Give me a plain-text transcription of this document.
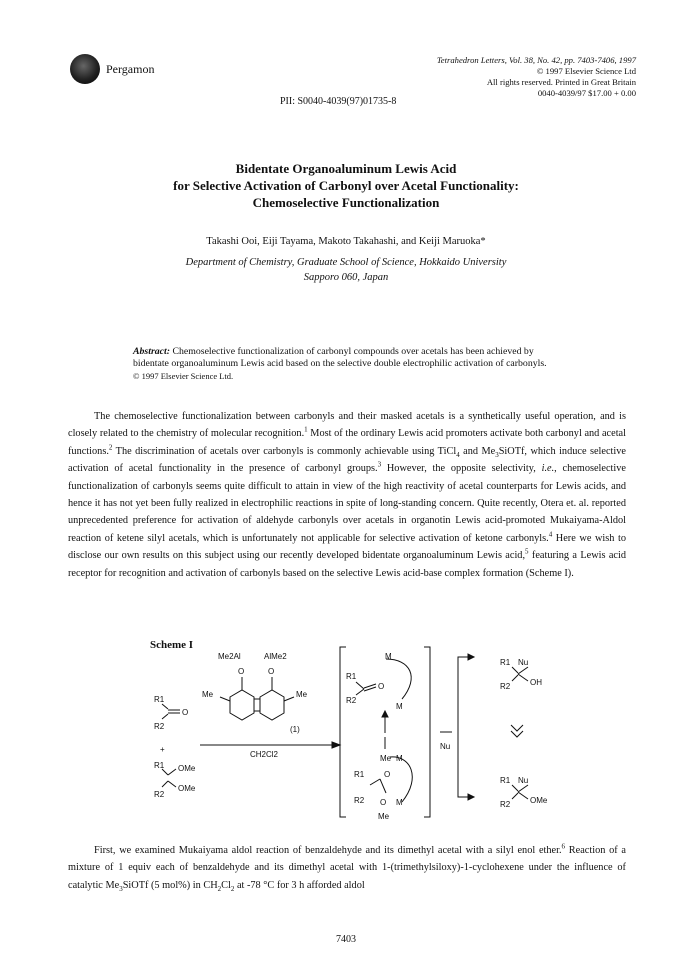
Pergamon
Tetrahedron Letters, Vol. 38, No. 42, pp. 7403-7406, 1997
© 1997 Elsevier Science Ltd
All rights reserved. Printed in Great Britain
0040-4039/97 $17.00 + 0.00
PII: S0040-4039(97)01735-8
Bidentate Organoaluminum Lewis Acid
for Selective Activation of Carbonyl over Acetal Functionality:
Chemoselective Functionalization
Takashi Ooi, Eiji Tayama, Makoto Takahashi, and Keiji Maruoka*
Department of Chemistry, Graduate School of Science, Hokkaido University
Sapporo 060, Japan
Abstract: Chemoselective functionalization of carbonyl compounds over acetals has been achieved by bidentate organoaluminum Lewis acid based on the selective double electrophilic activation of carbonyls. © 1997 Elsevier Science Ltd.

The chemoselective functionalization between carbonyls and their masked acetals is a synthetically useful operation, and is closely related to the chemistry of molecular recognition.$^1$ Most of the ordinary Lewis acid promoters activate both carbonyl and acetal functions.$^2$ The discrimination of acetals over carbonyls is commonly achievable using TiCl$_4$ and $Me_3SiOTf$, which induce selective activation of acetal functionality in the presence of carbonyl groups.$^3$ However, the opposite selectivity, i.e., chemoselective functionalization of carbonyls seems quite difficult to attain in view of the high reactivity of acetal counterparts for Lewis acids, and hence it has not yet been fully realized in electrophilic reactions in spite of long-standing concern. Quite recently, Otera et. al. reported unprecedented preference for activation of aldehyde carbonyls over acetals in organotin Lewis acid-promoted Mukaiyama-Aldol reaction of ketene silyl acetals, which is unfortunately not applicable for selective activation of ketone carbonyls.$^4$ Here we wish to disclose our own results on this subject using our recently developed bidentate organoaluminum Lewis acid,$^5$ featuring a Lewis acid receptor for recognition and activation of carbonyls based on the selective Lewis acid-base complex formation (Scheme I).

Scheme I
R1
R2
O
+
R1
R2
OMe
OMe
Me2Al	AlMe2
O	O
Me	Me
(1)
CH2Cl2
R1
R2
O
M
M
Me M
R1 O
R2 O M
Me
Nu
R1 Nu
R2 OH
R1 Nu
R2 OMe

First, we examined Mukaiyama aldol reaction of benzaldehyde and its dimethyl acetal with a silyl enol ether.$^6$ Reaction of a mixture of 1 equiv each of benzaldehyde and its dimethyl acetal with 1-(trimethylsiloxy)-1-cyclohexene under the influence of catalytic $Me_3SiOTf$ (5 mol%) in $CH_2Cl_2$ at -78 °C for 3 h afforded aldol

7403
